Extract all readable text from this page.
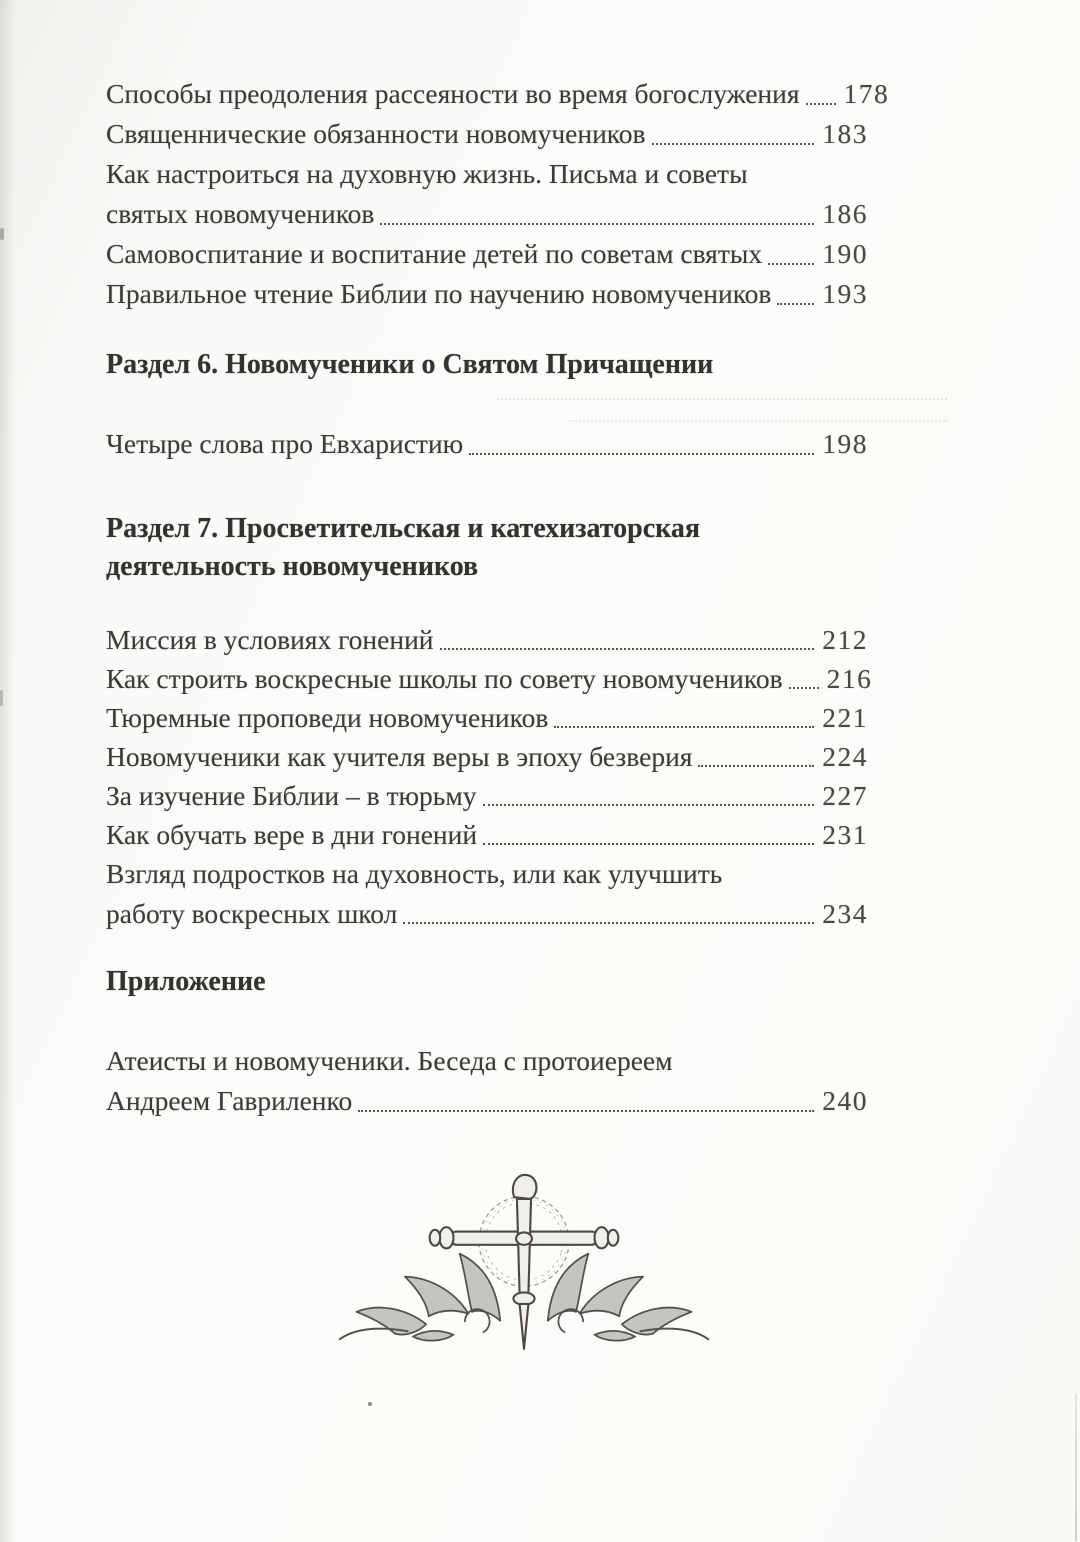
Способы преодоления рассеяности во время богослужения 178
Священнические обязанности новомучеников	183
Как настроиться на духовную жизнь. Письма и советы
святых новомучеников	186
Самовоспитание и воспитание детей по советам святых 190
Правильное чтение Библии по научению новомучеников 193
Раздел 6. Новомученики о Святом Причащении
Четыре слова про Евхаристию	198
Раздел 7. Просветительская и катехизаторская
деятельность новомучеников
Миссия в условиях гонений	212
Как строить воскресные школы по совету новомучеников 216
Тюремные проповеди новомучеников	221
Новомученики как учителя веры в эпоху безверия	224
За изучение Библии – в тюрьму	227
Как обучать вере в дни гонений	231
Взгляд подростков на духовность, или как улучшить
работу воскресных школ	234
Приложение
Атеисты и новомученики. Беседа с протоиереем
Андреем Гавриленко	240
